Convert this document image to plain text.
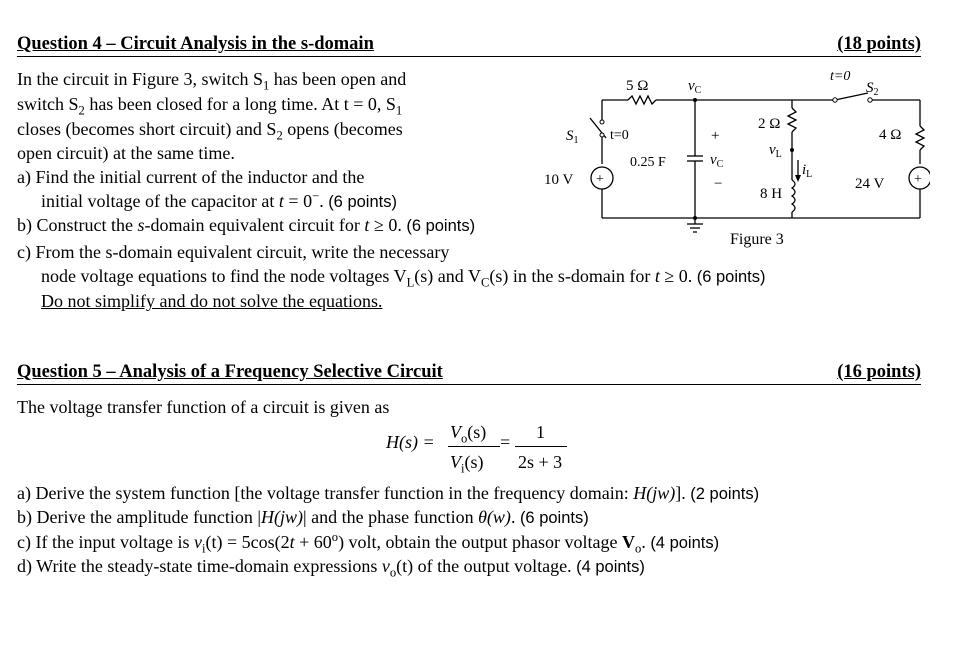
Question 4 – Circuit Analysis in the s-domain	(18 points)
In the circuit in Figure 3, switch $S_1$ has been open and
switch $S_2$ has been closed for a long time. At t = 0, $S_1$
closes (becomes short circuit) and $S_2$ opens (becomes
open circuit) at the same time.
a) Find the initial current of the inductor and the
initial voltage of the capacitor at t = 0−. (6 points)
b) Construct the s-domain equivalent circuit for t ≥ 0. (6 points)
c) From the s-domain equivalent circuit, write the necessary
node voltage equations to find the node voltages $V_L(s)$ and $V_C(s)$ in the s-domain for t ≥ 0. (6 points)
Do not simplify and do not solve the equations.
5 Ω	$v_C$
t=0
$S_2$
2 Ω
4 Ω
$S_1$ t=0	+
−
0.25 F	$v_C$
$v_L$
$i_L$
10 V +
8 H
24 V +
Figure 3
Question 5 – Analysis of a Frequency Selective Circuit	(16 points)
The voltage transfer function of a circuit is given as
$H(s) = V_o(s)$
$V_i(s)$
= 1
2s + 3
a) Derive the system function [the voltage transfer function in the frequency domain: H(jw)]. (2 points)
b) Derive the amplitude function |H(jw)| and the phase function θ(w). (6 points)
c) If the input voltage is $v_i(t) = 5\cos(2t + 60^o)$ volt, obtain the output phasor voltage $V_o$. (4 points)
d) Write the steady-state time-domain expressions $v_o(t)$ of the output voltage. (4 points)
